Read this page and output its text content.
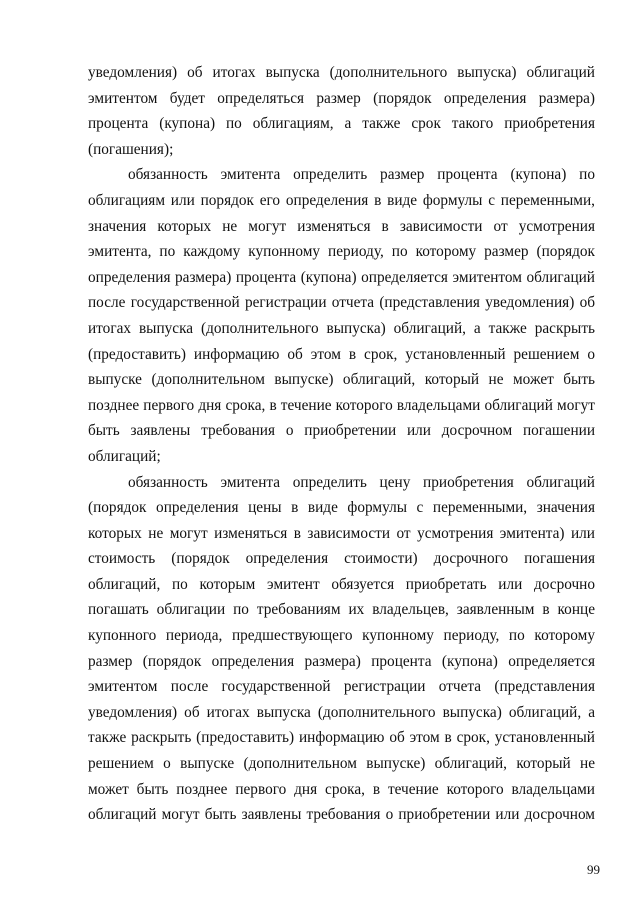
уведомления) об итогах выпуска (дополнительного выпуска) облигаций
эмитентом будет определяться размер (порядок определения размера)
процента (купона) по облигациям, а также срок такого приобретения
(погашения);
обязанность эмитента определить размер процента (купона) по
облигациям или порядок его определения в виде формулы с переменными,
значения которых не могут изменяться в зависимости от усмотрения
эмитента, по каждому купонному периоду, по которому размер (порядок
определения размера) процента (купона) определяется эмитентом облигаций
после государственной регистрации отчета (представления уведомления) об
итогах выпуска (дополнительного выпуска) облигаций, а также раскрыть
(предоставить) информацию об этом в срок, установленный решением о
выпуске (дополнительном выпуске) облигаций, который не может быть
позднее первого дня срока, в течение которого владельцами облигаций могут
быть заявлены требования о приобретении или досрочном погашении
облигаций;
обязанность эмитента определить цену приобретения облигаций
(порядок определения цены в виде формулы с переменными, значения
которых не могут изменяться в зависимости от усмотрения эмитента) или
стоимость (порядок определения стоимости) досрочного погашения
облигаций, по которым эмитент обязуется приобретать или досрочно
погашать облигации по требованиям их владельцев, заявленным в конце
купонного периода, предшествующего купонному периоду, по которому
размер (порядок определения размера) процента (купона) определяется
эмитентом после государственной регистрации отчета (представления
уведомления) об итогах выпуска (дополнительного выпуска) облигаций, а
также раскрыть (предоставить) информацию об этом в срок, установленный
решением о выпуске (дополнительном выпуске) облигаций, который не
может быть позднее первого дня срока, в течение которого владельцами
облигаций могут быть заявлены требования о приобретении или досрочном
99
